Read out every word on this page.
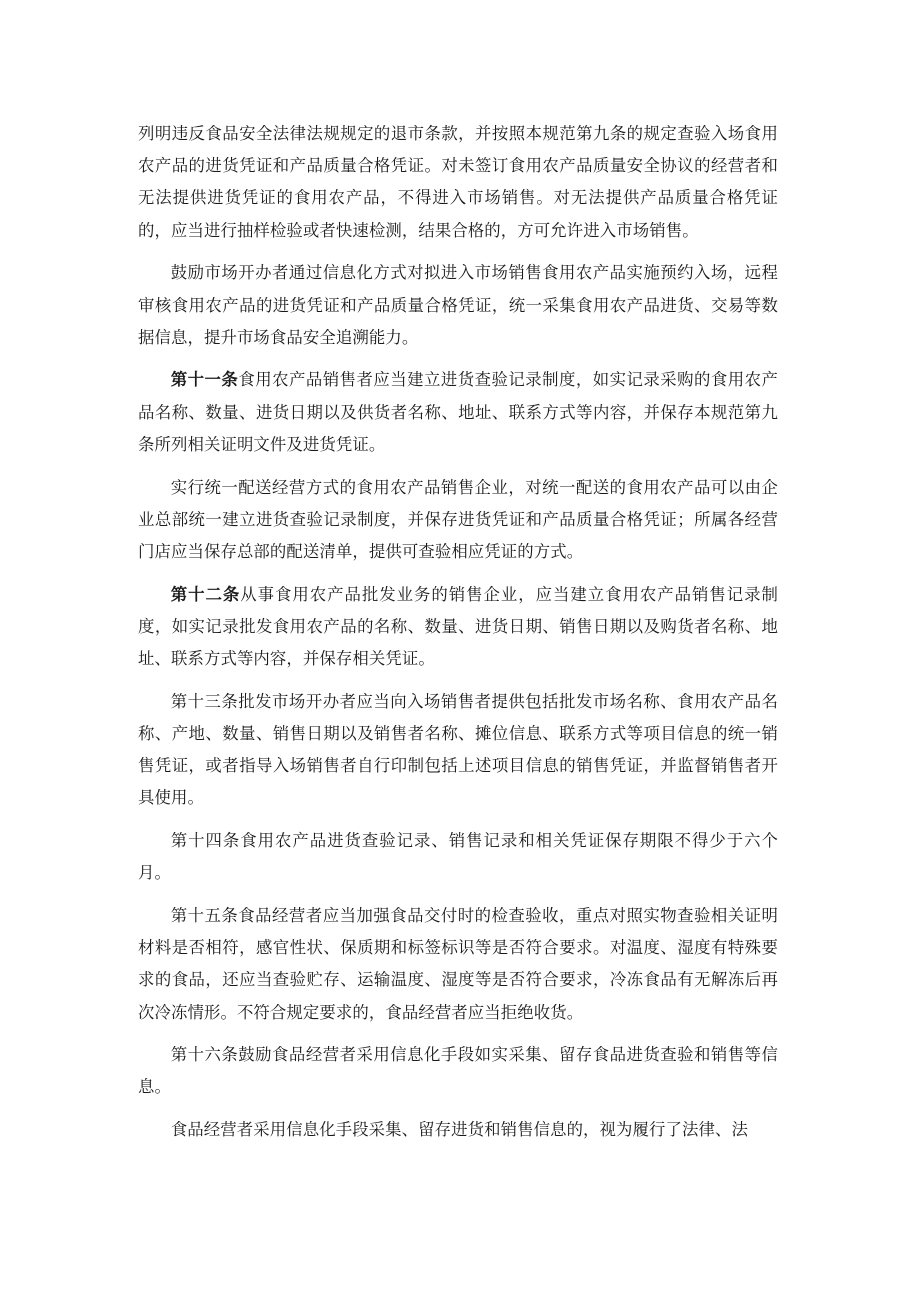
列明违反食品安全法律法规规定的退市条款，并按照本规范第九条的规定查验入场食用农产品的进货凭证和产品质量合格凭证。对未签订食用农产品质量安全协议的经营者和无法提供进货凭证的食用农产品，不得进入市场销售。对无法提供产品质量合格凭证的，应当进行抽样检验或者快速检测，结果合格的，方可允许进入市场销售。

鼓励市场开办者通过信息化方式对拟进入市场销售食用农产品实施预约入场，远程审核食用农产品的进货凭证和产品质量合格凭证，统一采集食用农产品进货、交易等数据信息，提升市场食品安全追溯能力。

第十一条食用农产品销售者应当建立进货查验记录制度，如实记录采购的食用农产品名称、数量、进货日期以及供货者名称、地址、联系方式等内容，并保存本规范第九条所列相关证明文件及进货凭证。

实行统一配送经营方式的食用农产品销售企业，对统一配送的食用农产品可以由企业总部统一建立进货查验记录制度，并保存进货凭证和产品质量合格凭证；所属各经营门店应当保存总部的配送清单，提供可查验相应凭证的方式。

第十二条从事食用农产品批发业务的销售企业，应当建立食用农产品销售记录制度，如实记录批发食用农产品的名称、数量、进货日期、销售日期以及购货者名称、地址、联系方式等内容，并保存相关凭证。

第十三条批发市场开办者应当向入场销售者提供包括批发市场名称、食用农产品名称、产地、数量、销售日期以及销售者名称、摊位信息、联系方式等项目信息的统一销售凭证，或者指导入场销售者自行印制包括上述项目信息的销售凭证，并监督销售者开具使用。

第十四条食用农产品进货查验记录、销售记录和相关凭证保存期限不得少于六个月。

第十五条食品经营者应当加强食品交付时的检查验收，重点对照实物查验相关证明材料是否相符，感官性状、保质期和标签标识等是否符合要求。对温度、湿度有特殊要求的食品，还应当查验贮存、运输温度、湿度等是否符合要求，冷冻食品有无解冻后再次冷冻情形。不符合规定要求的，食品经营者应当拒绝收货。

第十六条鼓励食品经营者采用信息化手段如实采集、留存食品进货查验和销售等信息。

食品经营者采用信息化手段采集、留存进货和销售信息的，视为履行了法律、法
